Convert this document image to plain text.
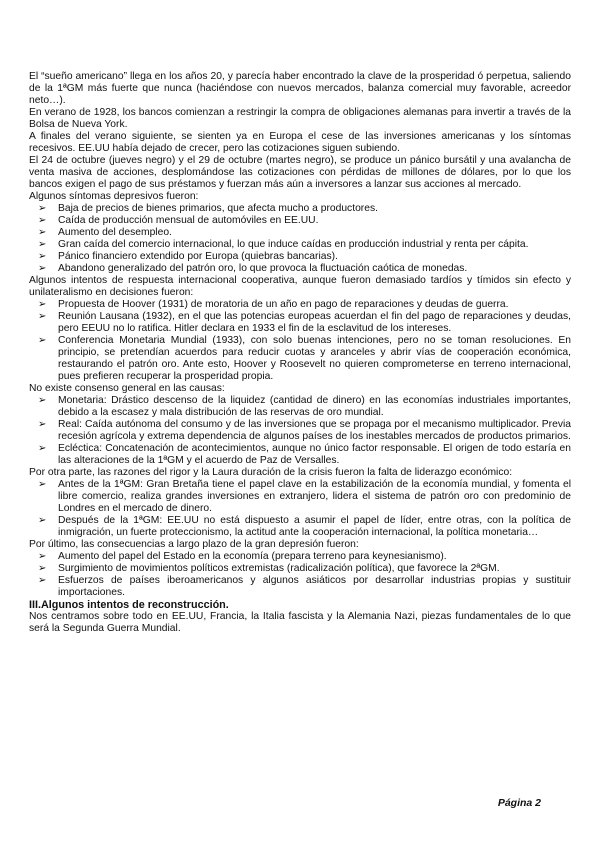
El “sueño americano” llega en los años 20, y parecía haber encontrado la clave de la prosperidad ó perpetua, saliendo de la 1ªGM más fuerte que nunca (haciéndose con nuevos mercados, balanza comercial muy favorable, acreedor neto…).

En verano de 1928, los bancos comienzan a restringir la compra de obligaciones alemanas para invertir a través de la Bolsa de Nueva York.

A finales del verano siguiente, se sienten ya en Europa el cese de las inversiones americanas y los síntomas recesivos. EE.UU había dejado de crecer, pero las cotizaciones siguen subiendo.

El 24 de octubre (jueves negro) y el 29 de octubre (martes negro), se produce un pánico bursátil y una avalancha de venta masiva de acciones, desplomándose las cotizaciones con pérdidas de millones de dólares, por lo que los bancos exigen el pago de sus préstamos y fuerzan más aún a inversores a lanzar sus acciones al mercado.

Algunos síntomas depresivos fueron:

➢ Baja de precios de bienes primarios, que afecta mucho a productores.
➢ Caída de producción mensual de automóviles en EE.UU.
➢ Aumento del desempleo.
➢ Gran caída del comercio internacional, lo que induce caídas en producción industrial y renta per cápita.
➢ Pánico financiero extendido por Europa (quiebras bancarias).
➢ Abandono generalizado del patrón oro, lo que provoca la fluctuación caótica de monedas.

Algunos intentos de respuesta internacional cooperativa, aunque fueron demasiado tardíos y tímidos sin efecto y unilateralismo en decisiones fueron:

➢ Propuesta de Hoover (1931) de moratoria de un año en pago de reparaciones y deudas de guerra.
➢ Reunión Lausana (1932), en el que las potencias europeas acuerdan el fin del pago de reparaciones y deudas, pero EEUU no lo ratifica. Hitler declara en 1933 el fin de la esclavitud de los intereses.
➢ Conferencia Monetaria Mundial (1933), con solo buenas intenciones, pero no se toman resoluciones. En principio, se pretendían acuerdos para reducir cuotas y aranceles y abrir vías de cooperación económica, restaurando el patrón oro. Ante esto, Hoover y Roosevelt no quieren comprometerse en terreno internacional, pues prefieren recuperar la prosperidad propia.

No existe consenso general en las causas:

➢ Monetaria: Drástico descenso de la liquidez (cantidad de dinero) en las economías industriales importantes, debido a la escasez y mala distribución de las reservas de oro mundial.
➢ Real: Caída autónoma del consumo y de las inversiones que se propaga por el mecanismo multiplicador. Previa recesión agrícola y extrema dependencia de algunos países de los inestables mercados de productos primarios.
➢ Ecléctica: Concatenación de acontecimientos, aunque no único factor responsable. El origen de todo estaría en las alteraciones de la 1ªGM y el acuerdo de Paz de Versalles.

Por otra parte, las razones del rigor y la Laura duración de la crisis fueron la falta de liderazgo económico:

➢ Antes de la 1ªGM: Gran Bretaña tiene el papel clave en la estabilización de la economía mundial, y fomenta el libre comercio, realiza grandes inversiones en extranjero, lidera el sistema de patrón oro con predominio de Londres en el mercado de dinero.
➢ Después de la 1ªGM: EE.UU no está dispuesto a asumir el papel de líder, entre otras, con la política de inmigración, un fuerte proteccionismo, la actitud ante la cooperación internacional, la política monetaria…

Por último, las consecuencias a largo plazo de la gran depresión fueron:

➢ Aumento del papel del Estado en la economía (prepara terreno para keynesianismo).
➢ Surgimiento de movimientos políticos extremistas (radicalización política), que favorece la 2ªGM.
➢ Esfuerzos de países iberoamericanos y algunos asiáticos por desarrollar industrias propias y sustituir importaciones.

III.Algunos intentos de reconstrucción.

Nos centramos sobre todo en EE.UU, Francia, la Italia fascista y la Alemania Nazi, piezas fundamentales de lo que será la Segunda Guerra Mundial.

Página 2
